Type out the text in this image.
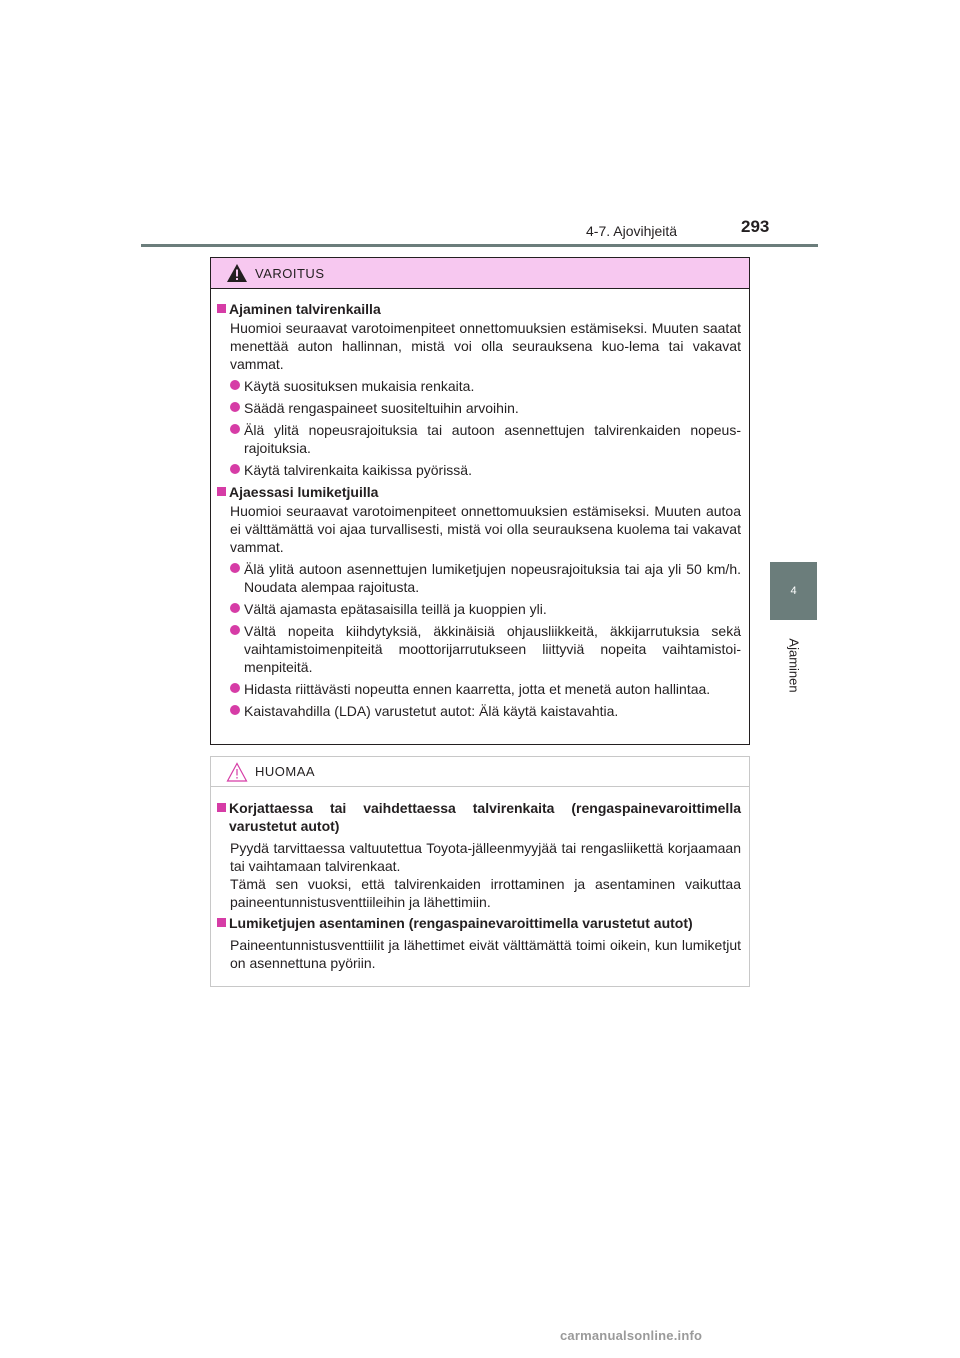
4-7. Ajovihjeitä	293
4
Ajaminen
VAROITUS
Ajaminen talvirenkailla
Huomioi seuraavat varotoimenpiteet onnettomuuksien estämiseksi. Muuten saatat menettää auton hallinnan, mistä voi olla seurauksena kuo-lema tai vakavat vammat.
Käytä suosituksen mukaisia renkaita.
Säädä rengaspaineet suositeltuihin arvoihin.
Älä ylitä nopeusrajoituksia tai autoon asennettujen talvirenkaiden nopeus-rajoituksia.
Käytä talvirenkaita kaikissa pyörissä.
Ajaessasi lumiketjuilla
Huomioi seuraavat varotoimenpiteet onnettomuuksien estämiseksi. Muuten autoa ei välttämättä voi ajaa turvallisesti, mistä voi olla seurauksena kuolema tai vakavat vammat.
Älä ylitä autoon asennettujen lumiketjujen nopeusrajoituksia tai aja yli 50 km/h. Noudata alempaa rajoitusta.
Vältä ajamasta epätasaisilla teillä ja kuoppien yli.
Vältä nopeita kiihdytyksiä, äkkinäisiä ohjausliikkeitä, äkkijarrutuksia sekä vaihtamistoimenpiteitä moottorijarrutukseen liittyviä nopeita vaihtamistoi-menpiteitä.
Hidasta riittävästi nopeutta ennen kaarretta, jotta et menetä auton hallintaa.
Kaistavahdilla (LDA) varustetut autot: Älä käytä kaistavahtia.
HUOMAA
Korjattaessa tai vaihdettaessa talvirenkaita (rengaspainevaroittimella varustetut autot)
Pyydä tarvittaessa valtuutettua Toyota-jälleenmyyjää tai rengasliikettä korjaamaan tai vaihtamaan talvirenkaat.
Tämä sen vuoksi, että talvirenkaiden irrottaminen ja asentaminen vaikuttaa paineentunnistusventtiileihin ja lähettimiin.
Lumiketjujen asentaminen (rengaspainevaroittimella varustetut autot)
Paineentunnistusventtiilit ja lähettimet eivät välttämättä toimi oikein, kun lumiketjut on asennettuna pyöriin.
carmanualsonline.info
